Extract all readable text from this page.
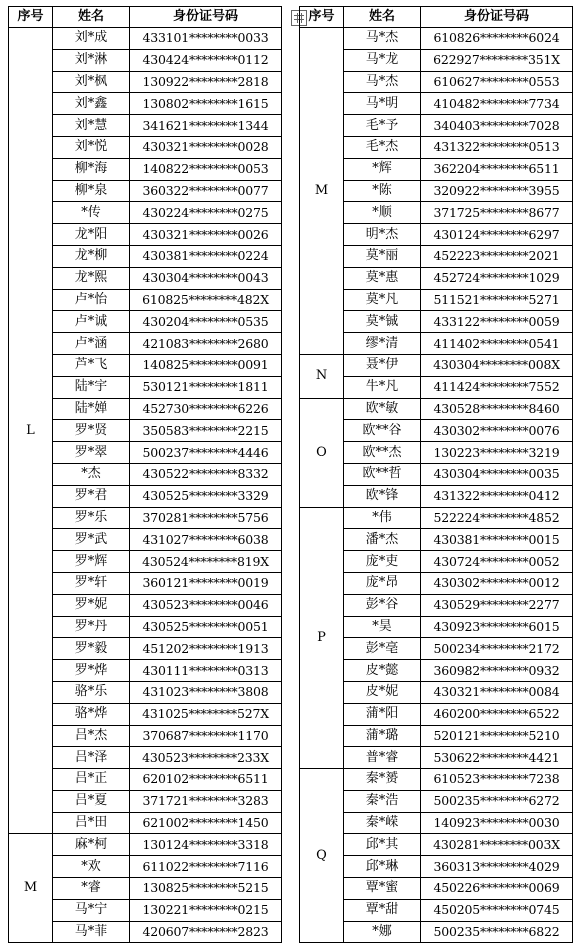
序号	姓名	身份证号码
L	刘*成	433101********0033
	刘*淋	430424********0112
	刘*枫	130922********2818
	刘*鑫	130802********1615
	刘*慧	341621********1344
	刘*悦	430321********0028
	柳*海	140822********0053
	柳*泉	360322********0077
	*传	430224********0275
	龙*阳	430321********0026
	龙*柳	430381********0224
	龙*熙	430304********0043
	卢*怡	610825********482X
	卢*诚	430204********0535
	卢*涵	421083********2680
	芦*飞	140825********0091
	陆*宇	530121********1811
	陆*婵	452730********6226
	罗*贤	350583********2215
	罗*翠	500237********4446
	*杰	430522********8332
	罗*君	430525********3329
	罗*乐	370281********5756
	罗*武	431027********6038
	罗*辉	430524********819X
	罗*轩	360121********0019
	罗*妮	430523********0046
	罗*丹	430525********0051
	罗*毅	451202********1913
	罗*烨	430111********0313
	骆*乐	431023********3808
	骆*烨	431025********527X
	吕*杰	370687********1170
	吕*泽	430523********233X
	吕*正	620102********6511
	吕*夏	371721********3283
	吕*田	621002********1450
M	麻*柯	130124********3318
	*欢	611022********7116
	*睿	130825********5215
	马*宁	130221********0215
	马*菲	420607********2823
序号	姓名	身份证号码
M	马*杰	610826********6024
	马*龙	622927********351X
	马*杰	610627********0553
	马*明	410482********7734
	毛*予	340403********7028
	毛*杰	431322********0513
	*辉	362204********6511
	*陈	320922********3955
	*顺	371725********8677
	明*杰	430124********6297
	莫*丽	452223********2021
	莫*惠	452724********1029
	莫*凡	511521********5271
	莫*铖	433122********0059
	缪*清	411402********0541
N	聂*伊	430304********008X
	牛*凡	411424********7552
O	欧*敏	430528********8460
	欧**谷	430302********0076
	欧**杰	130223********3219
	欧**哲	430304********0035
	欧*锋	431322********0412
P	*伟	522224********4852
	潘*杰	430381********0015
	庞*吏	430724********0052
	庞*昂	430302********0012
	彭*谷	430529********2277
	*昊	430923********6015
	彭*亳	500234********2172
	皮*懿	360982********0932
	皮*妮	430321********0084
	蒲*阳	460200********6522
	蒲*璐	520121********5210
	普*睿	530622********4421
Q	秦*赟	610523********7238
	秦*浩	500235********6272
	秦*嵘	140923********0030
	邱*其	430281********003X
	邱*琳	360313********4029
	覃*蜜	450226********0069
	覃*甜	450205********0745
	*娜	500235********6822
